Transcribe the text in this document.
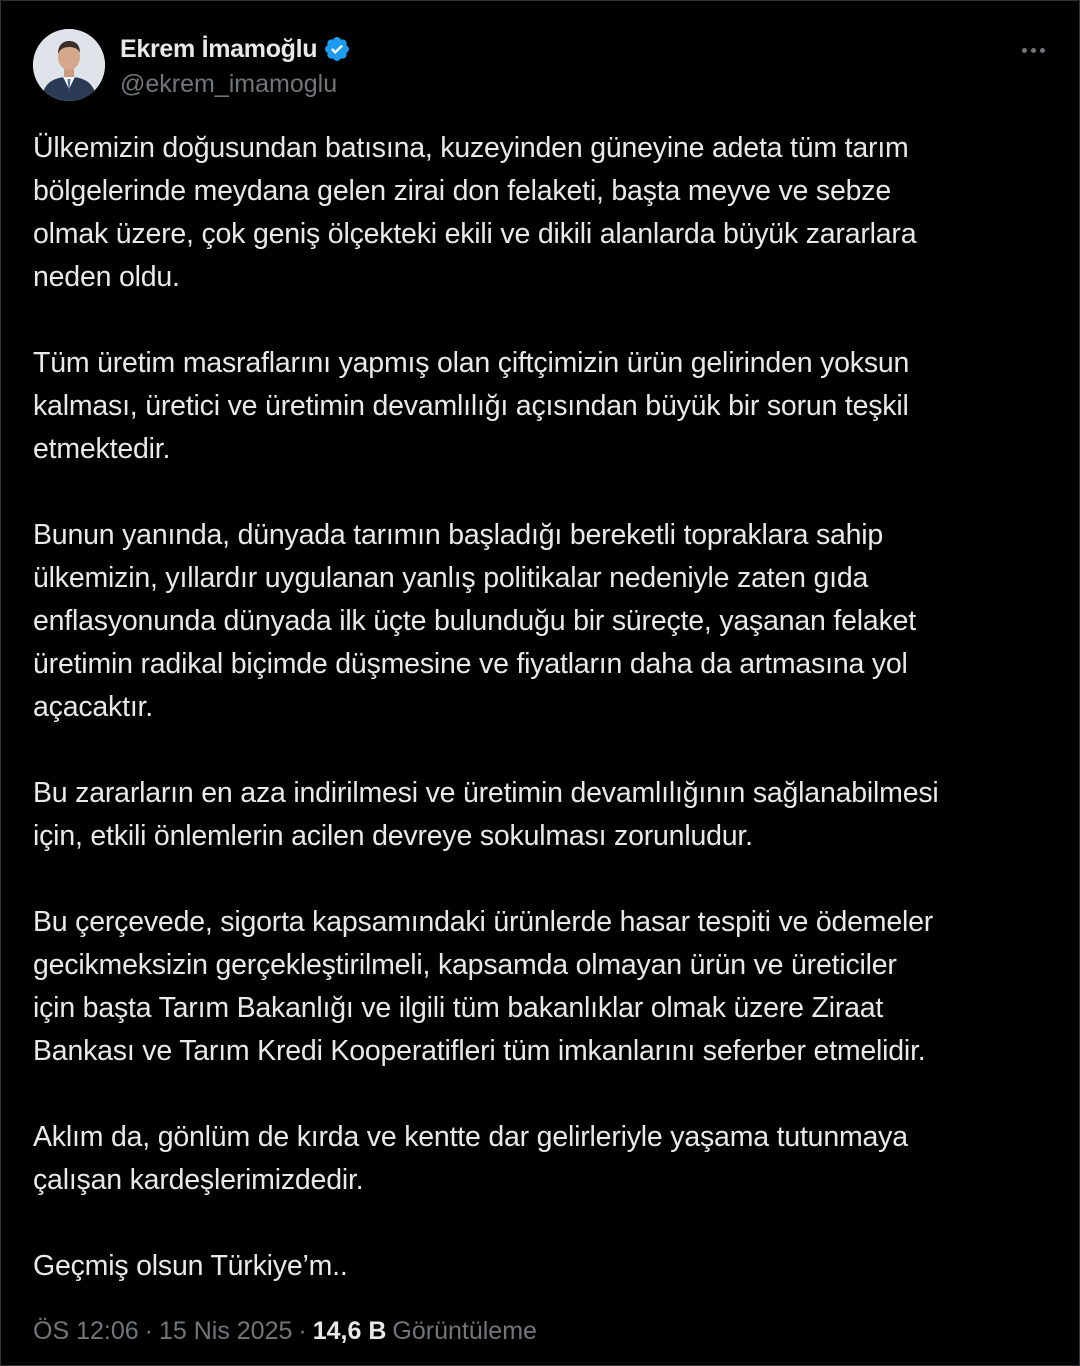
Ekrem İmamoğlu
@ekrem_imamoglu

Ülkemizin doğusundan batısına, kuzeyinden güneyine adeta tüm tarım
bölgelerinde meydana gelen zirai don felaketi, başta meyve ve sebze
olmak üzere, çok geniş ölçekteki ekili ve dikili alanlarda büyük zararlara
neden oldu.

Tüm üretim masraflarını yapmış olan çiftçimizin ürün gelirinden yoksun
kalması, üretici ve üretimin devamlılığı açısından büyük bir sorun teşkil
etmektedir.

Bunun yanında, dünyada tarımın başladığı bereketli topraklara sahip
ülkemizin, yıllardır uygulanan yanlış politikalar nedeniyle zaten gıda
enflasyonunda dünyada ilk üçte bulunduğu bir süreçte, yaşanan felaket
üretimin radikal biçimde düşmesine ve fiyatların daha da artmasına yol
açacaktır.

Bu zararların en aza indirilmesi ve üretimin devamlılığının sağlanabilmesi
için, etkili önlemlerin acilen devreye sokulması zorunludur.

Bu çerçevede, sigorta kapsamındaki ürünlerde hasar tespiti ve ödemeler
gecikmeksizin gerçekleştirilmeli, kapsamda olmayan ürün ve üreticiler
için başta Tarım Bakanlığı ve ilgili tüm bakanlıklar olmak üzere Ziraat
Bankası ve Tarım Kredi Kooperatifleri tüm imkanlarını seferber etmelidir.

Aklım da, gönlüm de kırda ve kentte dar gelirleriyle yaşama tutunmaya
çalışan kardeşlerimizdedir.

Geçmiş olsun Türkiye’m..

ÖS 12:06 · 15 Nis 2025 · 14,6 B Görüntüleme
